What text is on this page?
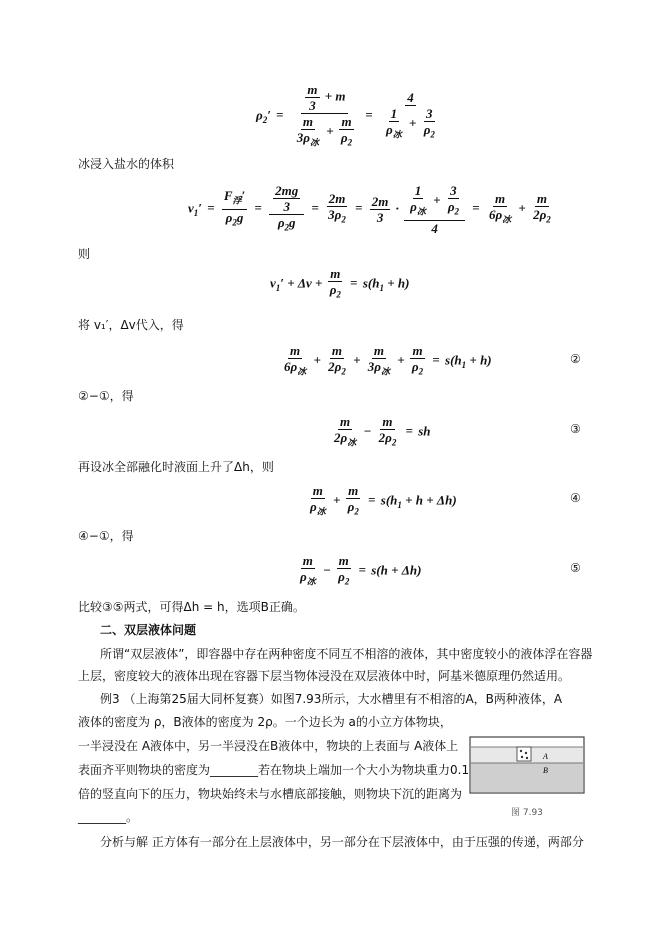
$\rho_2' = \frac{\frac{m}{3} + m}{\frac{m}{3\rho_冰} + \frac{m}{\rho_2}} = \frac{4}{\frac{1}{\rho_冰} + \frac{3}{\rho_2}}$
冰浸入盐水的体积
$v_1' = \frac{F_浮'}{\rho_2g} = \frac{\frac{2mg}{3}}{\rho_2g} = \frac{2m}{3\rho_2} = \frac{2m}{3} \cdot \frac{\frac{1}{\rho_冰} + \frac{3}{\rho_2}}{4} = \frac{m}{6\rho_冰} + \frac{m}{2\rho_2}$
则
$v_1' + \Delta v + \frac{m}{\rho_2} = s(h_1 + h)$
将 v₁′，Δv代入，得
$\frac{m}{6\rho_冰} + \frac{m}{2\rho_2} + \frac{m}{3\rho_冰} + \frac{m}{\rho_2} = s(h_1 + h)$	②
②−①，得
$\frac{m}{2\rho_冰} - \frac{m}{2\rho_2}$ = sh	③
再设冰全部融化时液面上升了Δh，则
$\frac{m}{\rho_冰} + \frac{m}{\rho_2} = s(h_1 + h + \Delta h)$	④
④−①，得
$\frac{m}{\rho_冰} - \frac{m}{\rho_2} = s(h + \Delta h)$	⑤
比较③⑤两式，可得Δh = h，选项B正确。
二、双层液体问题
所谓“双层液体”，即容器中存在两种密度不同互不相溶的液体，其中密度较小的液体浮在容器
上层，密度较大的液体出现在容器下层当物体浸没在双层液体中时，阿基米德原理仍然适用。
例3 （上海第25届大同杯复赛）如图7.93所示，大水槽里有不相溶的A，B两种液体，A
液体的密度为 ρ，B液体的密度为 2ρ。一个边长为 a的小立方体物块，
一半浸没在 A液体中，另一半浸没在B液体中，物块的上表面与 A液体上
表面齐平则物块的密度为________若在物块上端加一个大小为物块重力0.1
倍的竖直向下的压力，物块始终未与水槽底部接触，则物块下沉的距离为
________。
A
B
图 7.93
分析与解 正方体有一部分在上层液体中，另一部分在下层液体中，由于压强的传递，两部分
